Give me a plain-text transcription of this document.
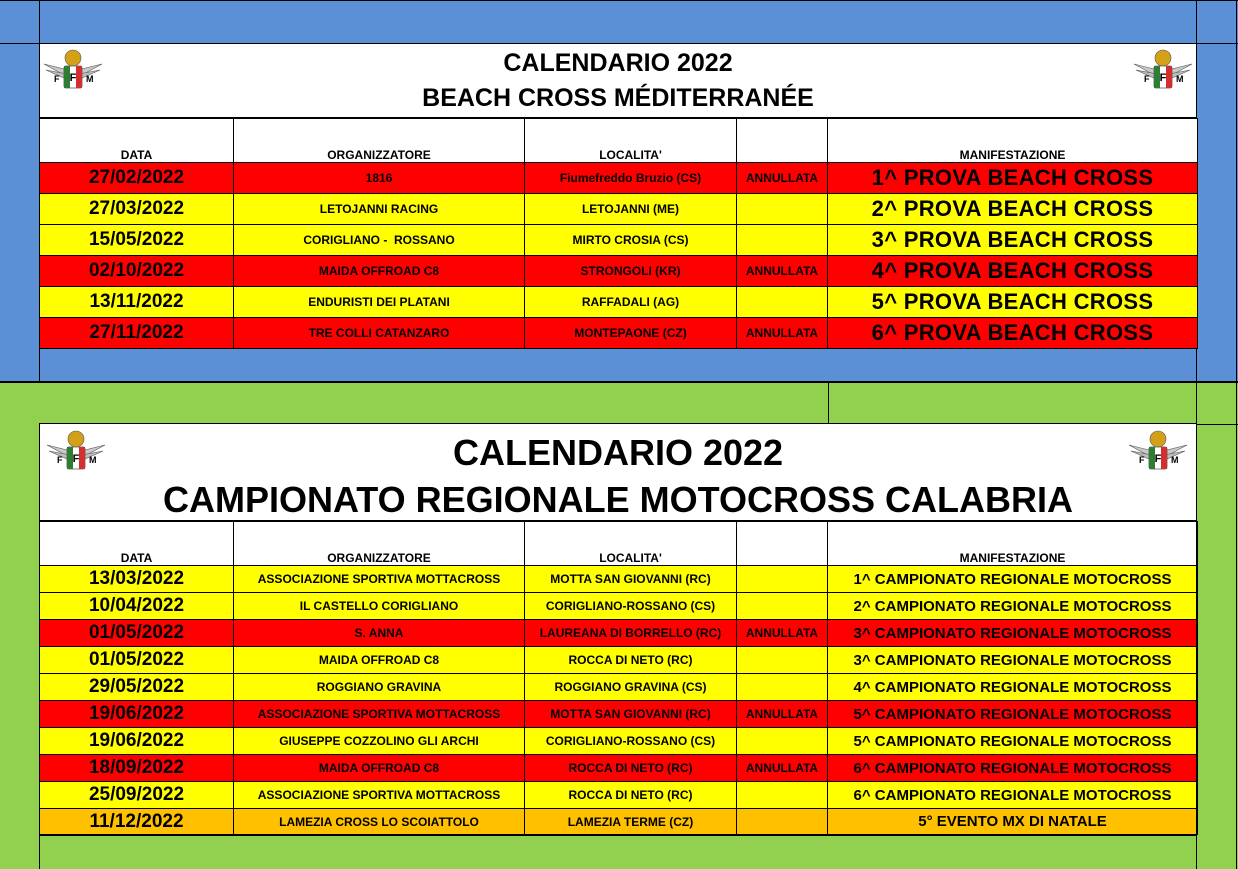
CALENDARIO 2022
BEACH CROSS MÉDITERRANÉE
F
F	M	F
F	M
DATA	ORGANIZZATORE	LOCALITA'		MANIFESTAZIONE
27/02/2022	1816	Fiumefreddo Bruzio (CS)	ANNULLATA	1^ PROVA BEACH CROSS
27/03/2022	LETOJANNI RACING	LETOJANNI (ME)		2^ PROVA BEACH CROSS
15/05/2022	CORIGLIANO -  ROSSANO	MIRTO CROSIA (CS)		3^ PROVA BEACH CROSS
02/10/2022	MAIDA OFFROAD C8	STRONGOLI (KR)	ANNULLATA	4^ PROVA BEACH CROSS
13/11/2022	ENDURISTI DEI PLATANI	RAFFADALI (AG)		5^ PROVA BEACH CROSS
27/11/2022	TRE COLLI CATANZARO	MONTEPAONE (CZ)	ANNULLATA	6^ PROVA BEACH CROSS
CALENDARIO 2022
CAMPIONATO REGIONALE MOTOCROSS CALABRIA
F
F	M	F
F	M
DATA	ORGANIZZATORE	LOCALITA'		MANIFESTAZIONE
13/03/2022	ASSOCIAZIONE SPORTIVA MOTTACROSS	MOTTA SAN GIOVANNI (RC)		1^ CAMPIONATO REGIONALE MOTOCROSS
10/04/2022	IL CASTELLO CORIGLIANO	CORIGLIANO-ROSSANO (CS)		2^ CAMPIONATO REGIONALE MOTOCROSS
01/05/2022	S. ANNA	LAUREANA DI BORRELLO (RC)	ANNULLATA	3^ CAMPIONATO REGIONALE MOTOCROSS
01/05/2022	MAIDA OFFROAD C8	ROCCA DI NETO (RC)		3^ CAMPIONATO REGIONALE MOTOCROSS
29/05/2022	ROGGIANO GRAVINA	ROGGIANO GRAVINA (CS)		4^ CAMPIONATO REGIONALE MOTOCROSS
19/06/2022	ASSOCIAZIONE SPORTIVA MOTTACROSS	MOTTA SAN GIOVANNI (RC)	ANNULLATA	5^ CAMPIONATO REGIONALE MOTOCROSS
19/06/2022	GIUSEPPE COZZOLINO GLI ARCHI	CORIGLIANO-ROSSANO (CS)		5^ CAMPIONATO REGIONALE MOTOCROSS
18/09/2022	MAIDA OFFROAD C8	ROCCA DI NETO (RC)	ANNULLATA	6^ CAMPIONATO REGIONALE MOTOCROSS
25/09/2022	ASSOCIAZIONE SPORTIVA MOTTACROSS	ROCCA DI NETO (RC)		6^ CAMPIONATO REGIONALE MOTOCROSS
11/12/2022	LAMEZIA CROSS LO SCOIATTOLO	LAMEZIA TERME (CZ)		5° EVENTO MX DI NATALE
